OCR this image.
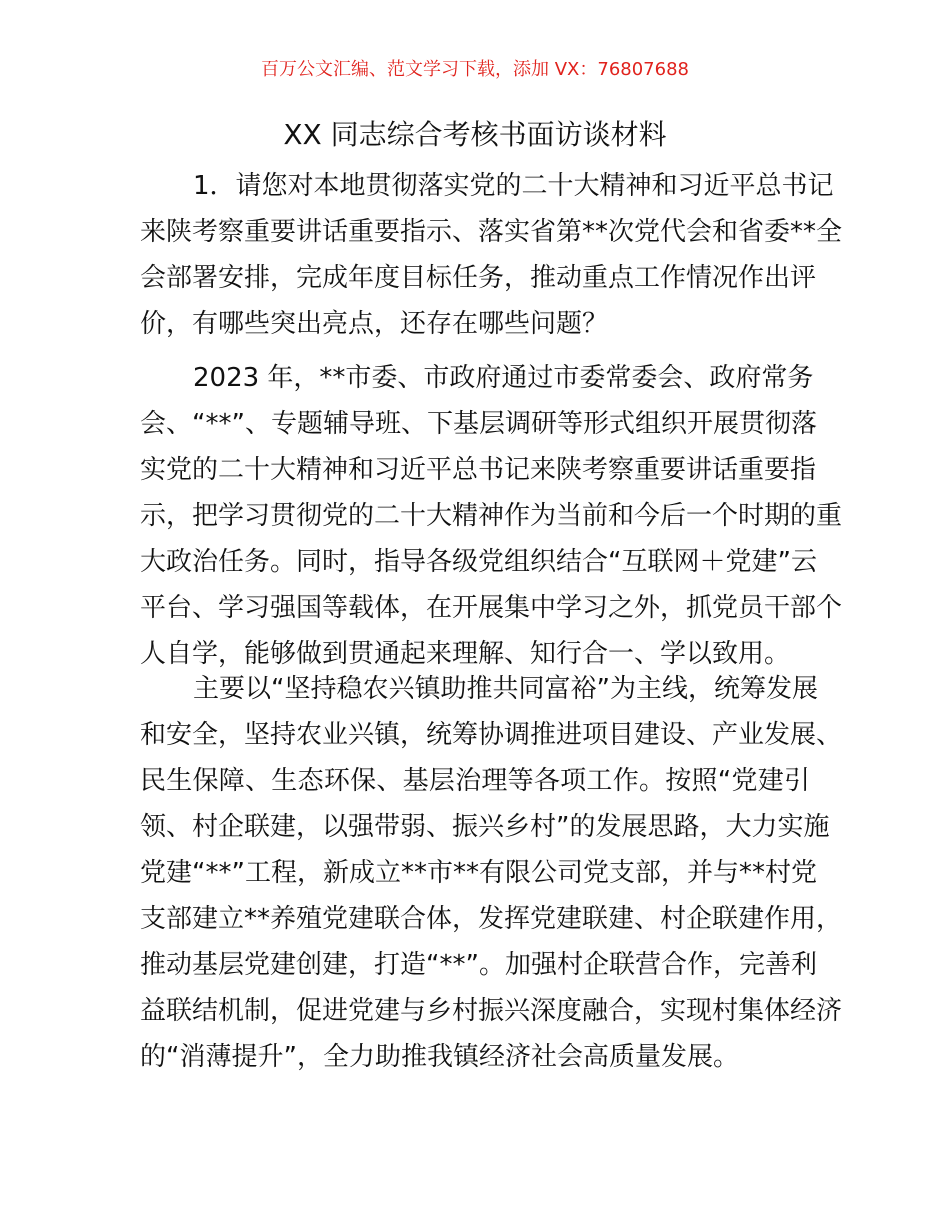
百万公文汇编、范文学习下载，添加 VX：76807688
XX 同志综合考核书面访谈材料
1．请您对本地贯彻落实党的二十大精神和习近平总书记
来陕考察重要讲话重要指示、落实省第**次党代会和省委**全
会部署安排，完成年度目标任务，推动重点工作情况作出评
价，有哪些突出亮点，还存在哪些问题？
2023 年，**市委、市政府通过市委常委会、政府常务
会、“**”、专题辅导班、下基层调研等形式组织开展贯彻落
实党的二十大精神和习近平总书记来陕考察重要讲话重要指
示，把学习贯彻党的二十大精神作为当前和今后一个时期的重
大政治任务。同时，指导各级党组织结合“互联网＋党建”云
平台、学习强国等载体，在开展集中学习之外，抓党员干部个
人自学，能够做到贯通起来理解、知行合一、学以致用。
主要以“坚持稳农兴镇助推共同富裕”为主线，统筹发展
和安全，坚持农业兴镇，统筹协调推进项目建设、产业发展、
民生保障、生态环保、基层治理等各项工作。按照“党建引
领、村企联建，以强带弱、振兴乡村”的发展思路，大力实施
党建“**”工程，新成立**市**有限公司党支部，并与**村党
支部建立**养殖党建联合体，发挥党建联建、村企联建作用，
推动基层党建创建，打造“**”。加强村企联营合作，完善利
益联结机制，促进党建与乡村振兴深度融合，实现村集体经济
的“消薄提升”，全力助推我镇经济社会高质量发展。
